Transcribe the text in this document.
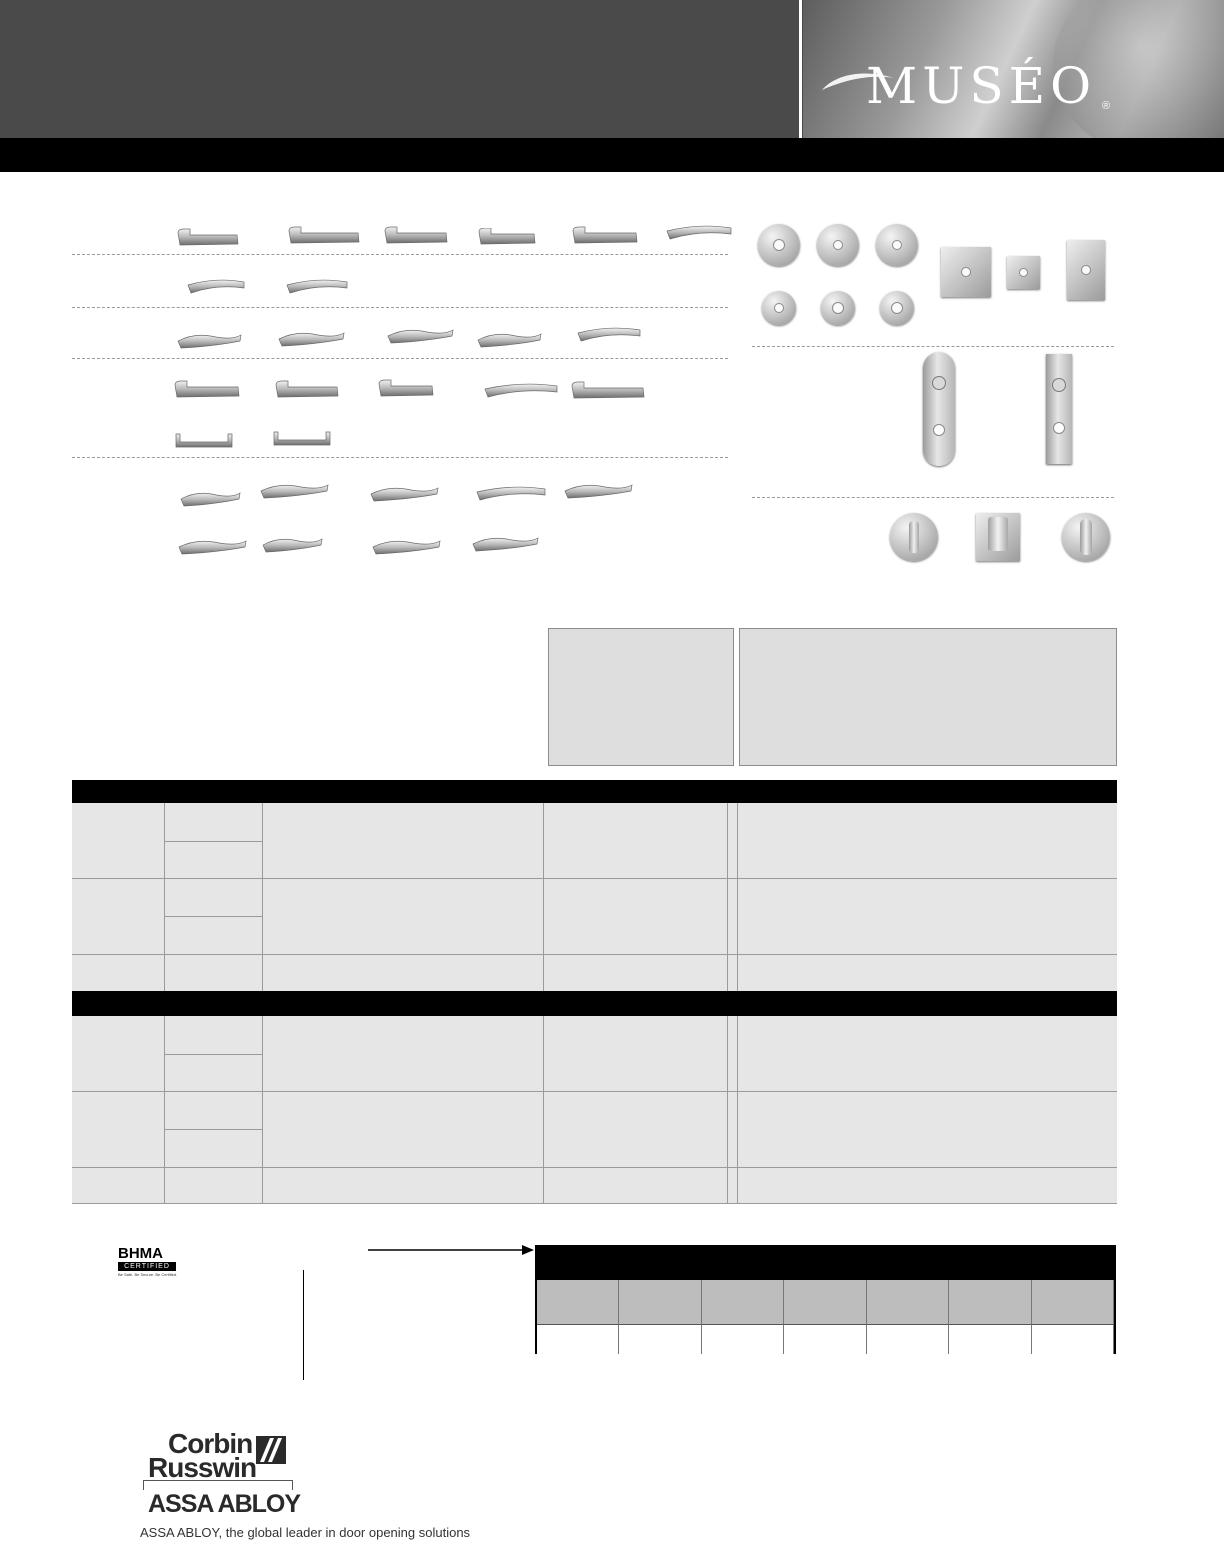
MUSÉO ®
BHMA
CERTIFIED
Be Safe. Be Secure. Be Certified.
Corbin
Russwin
ASSA ABLOY
ASSA ABLOY, the global leader in door opening solutions
